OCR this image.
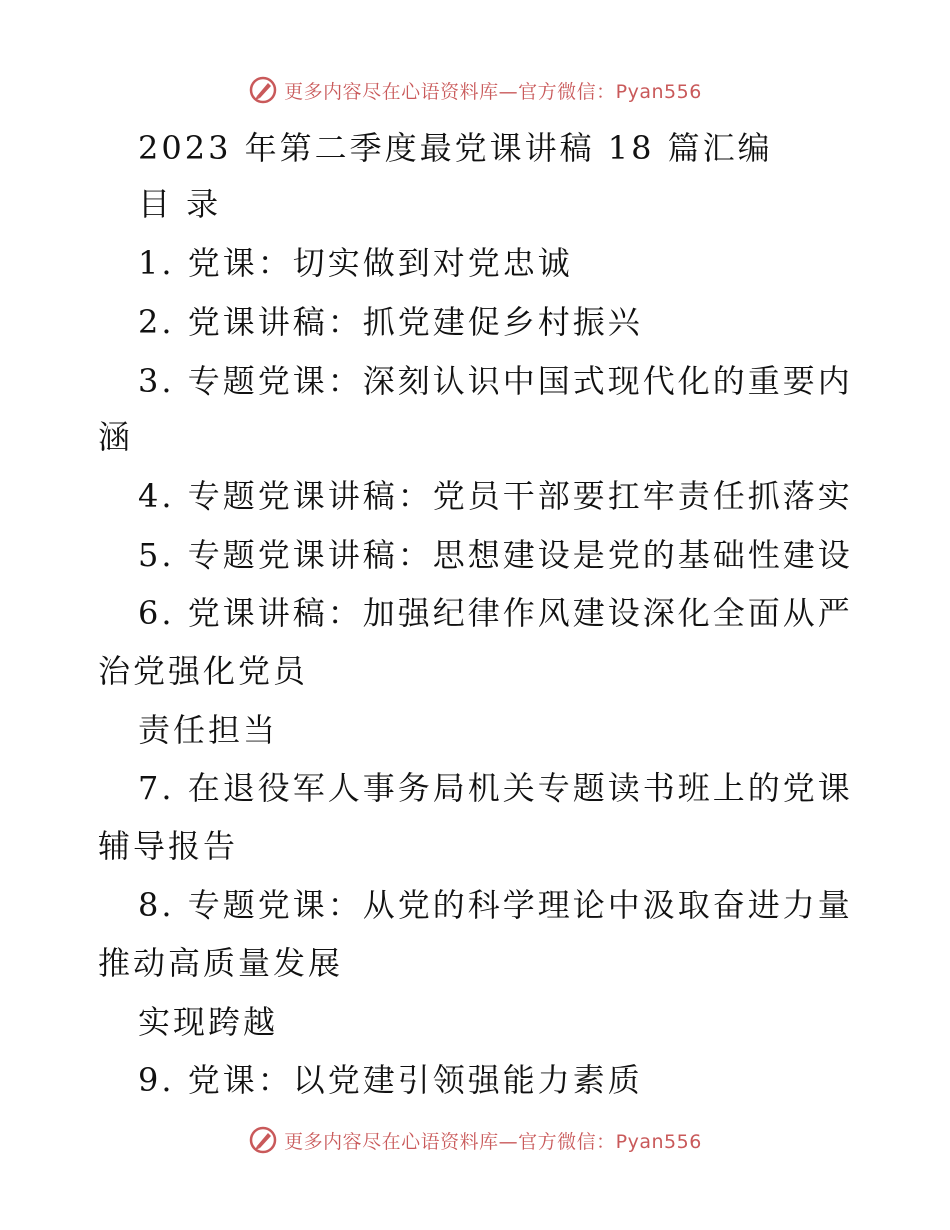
更多内容尽在心语资料库—官方微信：Pyan556
2023 年第二季度最党课讲稿 18 篇汇编
目 录
1. 党课：切实做到对党忠诚
2. 党课讲稿：抓党建促乡村振兴
3. 专题党课：深刻认识中国式现代化的重要内
涵
4. 专题党课讲稿：党员干部要扛牢责任抓落实
5. 专题党课讲稿：思想建设是党的基础性建设
6. 党课讲稿：加强纪律作风建设深化全面从严
治党强化党员
责任担当
7. 在退役军人事务局机关专题读书班上的党课
辅导报告
8. 专题党课：从党的科学理论中汲取奋进力量
推动高质量发展
实现跨越
9. 党课：以党建引领强能力素质
更多内容尽在心语资料库—官方微信：Pyan556
